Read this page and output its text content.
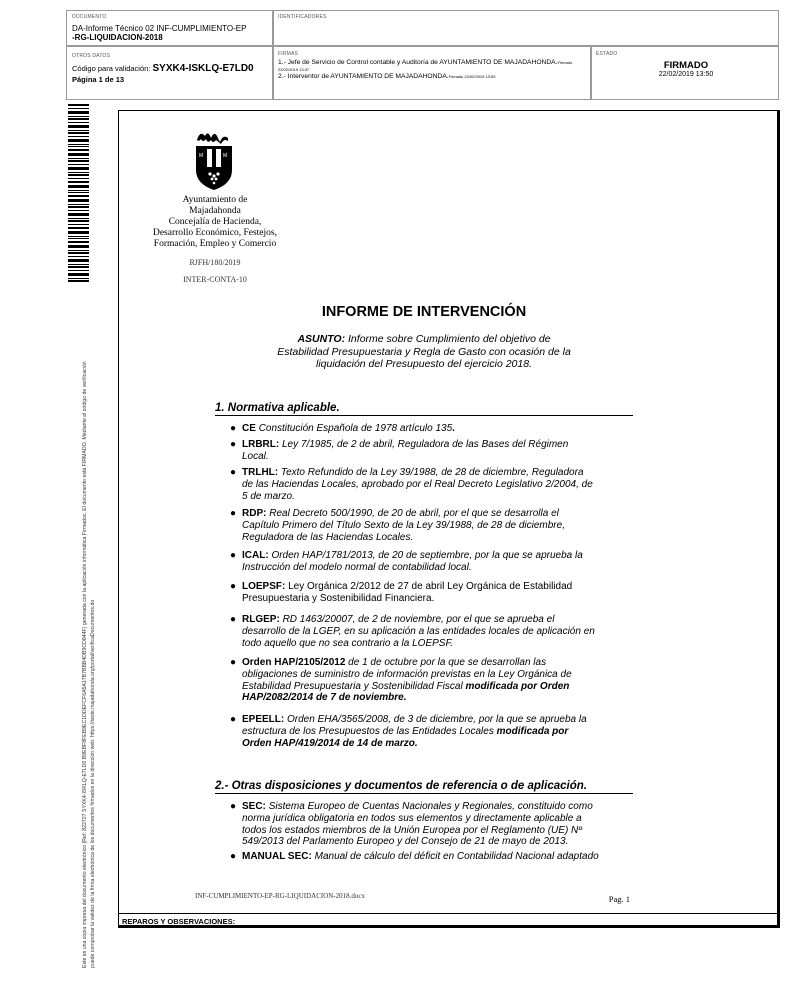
DOCUMENTO
DA-Informe Técnico 02 INF-CUMPLIMIENTO-EP
-RG-LIQUIDACION-2018
IDENTIFICADORES
OTROS DATOS
Código para validación: SYXK4-ISKLQ-E7LD0
Página 1 de 13
FIRMAS
1.- Jefe de Servicio de Control contable y Auditoría de AYUNTAMIENTO DE MAJADAHONDA.Firmado
22/02/2019 13:37
2.- Interventor de AYUNTAMIENTO DE MAJADAHONDA.Firmado 22/02/2019 13:50
ESTADO
FIRMADO
22/02/2019 13:50
Este es una copia impresa del documento electrónico (Ref: 822727 SYXK4-ISKLQ-E7LD0 B9EBF8FEB9EC1DDEFCF6A5A17B7BBB4DB9CD844F) generada con la aplicación informática Firmadoc. El documento está FIRMADO. Mediante el código de verificación puede comprobar la validez de la firma electrónica de los documentos firmados en la dirección web: https://sede.majadahonda.org/portal/verificaDocumentos.do	REPAROS Y OBSERVACIONES:
M	M
Ayuntamiento de
Majadahonda
Concejalía de Hacienda,
Desarrollo Económico, Festejos,
Formación, Empleo y Comercio
RJFH/180/2019
INTER-CONTA-10
INFORME DE INTERVENCIÓN
ASUNTO: Informe sobre Cumplimiento del objetivo de
Estabilidad Presupuestaria y Regla de Gasto con ocasión de la
liquidación del Presupuesto del ejercicio 2018.
1. Normativa aplicable.
● CE Constitución Española de 1978 artículo 135.
● LRBRL: Ley 7/1985, de 2 de abril, Reguladora de las Bases del Régimen
Local.
● TRLHL: Texto Refundido de la Ley 39/1988, de 28 de diciembre, Reguladora
de las Haciendas Locales, aprobado por el Real Decreto Legislativo 2/2004, de
5 de marzo.
● RDP: Real Decreto 500/1990, de 20 de abril, por el que se desarrolla el
Capítulo Primero del Título Sexto de la Ley 39/1988, de 28 de diciembre,
Reguladora de las Haciendas Locales.
● ICAL: Orden HAP/1781/2013, de 20 de septiembre, por la que se aprueba la
Instrucción del modelo normal de contabilidad local.
● LOEPSF: Ley Orgánica 2/2012 de 27 de abril Ley Orgánica de Estabilidad
Presupuestaria y Sostenibilidad Financiera.
● RLGEP: RD 1463/20007, de 2 de noviembre, por el que se aprueba el
desarrollo de la LGEP, en su aplicación a las entidades locales de aplicación en
todo aquello que no sea contrario a la LOEPSF.
● Orden HAP/2105/2012 de 1 de octubre por la que se desarrollan las
obligaciones de suministro de información previstas en la Ley Orgánica de
Estabilidad Presupuestaria y Sostenibilidad Fiscal modificada por Orden
HAP/2082/2014 de 7 de noviembre.
● EPEELL: Orden EHA/3565/2008, de 3 de diciembre, por la que se aprueba la
estructura de los Presupuestos de las Entidades Locales modificada por
Orden HAP/419/2014 de 14 de marzo.
2.- Otras disposiciones y documentos de referencia o de aplicación.
● SEC: Sistema Europeo de Cuentas Nacionales y Regionales, constituido como
norma jurídica obligatoria en todos sus elementos y directamente aplicable a
todos los estados miembros de la Unión Europea por el Reglamento (UE) Nº
549/2013 del Parlamento Europeo y del Consejo de 21 de mayo de 2013.
● MANUAL SEC: Manual de cálculo del déficit en Contabilidad Nacional adaptado
INF-CUMPLIMIENTO-EP-RG-LIQUIDACION-2018.docx	Pag. 1
